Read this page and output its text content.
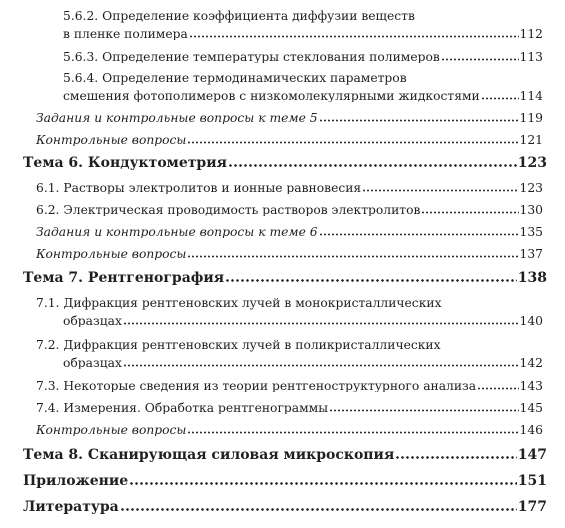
5.6.2. Определение коэффициента диффузии веществ
в пленке полимера	112
5.6.3. Определение температуры стеклования полимеров	113
5.6.4. Определение термодинамических параметров
смешения фотополимеров с низкомолекулярными жидкостями	114
Задания и контрольные вопросы к теме 5	119
Контрольные вопросы	121
Тема 6. Кондуктометрия	123
6.1. Растворы электролитов и ионные равновесия	123
6.2. Электрическая проводимость растворов электролитов	130
Задания и контрольные вопросы к теме 6	135
Контрольные вопросы	137
Тема 7. Рентгенография	138
7.1. Дифракция рентгеновских лучей в монокристаллических
образцах	140
7.2. Дифракция рентгеновских лучей в поликристаллических
образцах	142
7.3. Некоторые сведения из теории рентгеноструктурного анализа	143
7.4. Измерения. Обработка рентгенограммы	145
Контрольные вопросы	146
Тема 8. Сканирующая силовая микроскопия	147
Приложение	151
Литература	177
